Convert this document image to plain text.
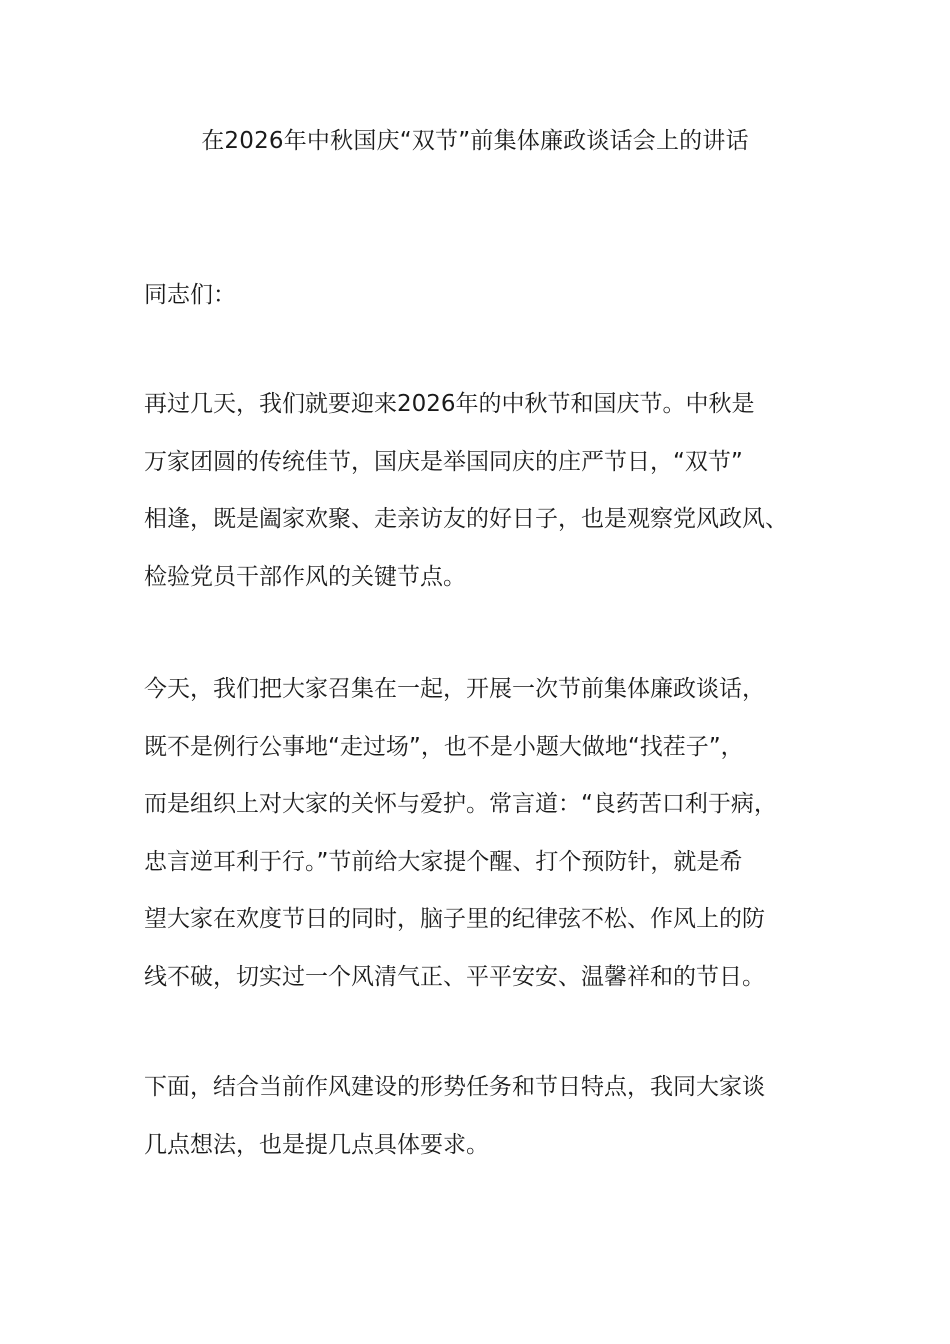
在2026年中秋国庆“双节”前集体廉政谈话会上的讲话

同志们：

再过几天，我们就要迎来2026年的中秋节和国庆节。中秋是
万家团圆的传统佳节，国庆是举国同庆的庄严节日，“双节”
相逢，既是阖家欢聚、走亲访友的好日子，也是观察党风政风、
检验党员干部作风的关键节点。

今天，我们把大家召集在一起，开展一次节前集体廉政谈话，
既不是例行公事地“走过场”，也不是小题大做地“找茬子”，
而是组织上对大家的关怀与爱护。常言道：“良药苦口利于病，
忠言逆耳利于行。”节前给大家提个醒、打个预防针，就是希
望大家在欢度节日的同时，脑子里的纪律弦不松、作风上的防
线不破，切实过一个风清气正、平平安安、温馨祥和的节日。

下面，结合当前作风建设的形势任务和节日特点，我同大家谈
几点想法，也是提几点具体要求。
